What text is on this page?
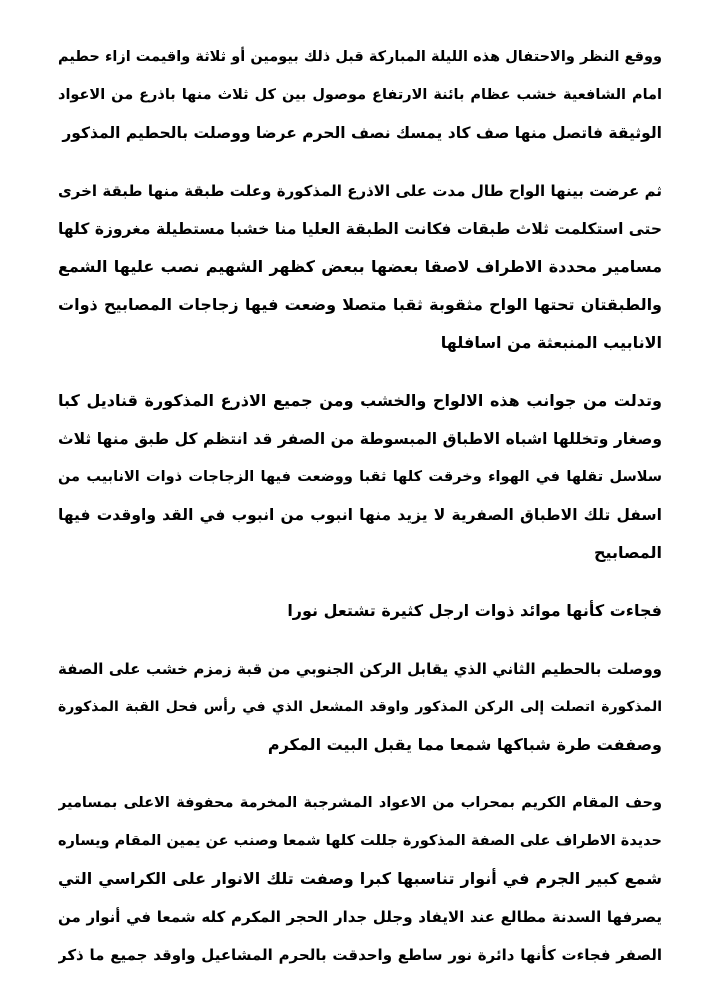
ووقع النظر والاحتفال هذه الليلة المباركة قبل ذلك بيومين أو ثلاثة واقيمت ازاء حطيم
امام الشافعية خشب عظام بائنة الارتفاع موصول بين كل ثلاث منها باذرع من الاعواد
الوثيقة فاتصل منها صف كاد يمسك نصف الحرم عرضا ووصلت بالحطيم المذكور
ثم عرضت بينها الواح طال مدت على الاذرع المذكورة وعلت طبقة منها طبقة اخرى
حتى استكلمت ثلاث طبقات فكانت الطبقة العليا منا خشبا مستطيلة مغروزة كلها
مسامير محددة الاطراف لاصقا بعضها ببعض كظهر الشهيم نصب عليها الشمع
والطبقتان تحتها الواح مثقوبة ثقبا متصلا وضعت فيها زجاجات المصابيح ذوات
الانابيب المنبعثة من اسافلها
وتدلت من جوانب هذه الالواح والخشب ومن جميع الاذرع المذكورة قناديل كبا
وصغار وتخللها اشباه الاطباق المبسوطة من الصفر قد انتظم كل طبق منها ثلاث
سلاسل تقلها في الهواء وخرقت كلها ثقبا ووضعت فيها الزجاجات ذوات الانابيب من
اسفل تلك الاطباق الصفرية لا يزيد منها انبوب من انبوب في القد واوقدت فيها
المصابيح
فجاءت كأنها موائد ذوات ارجل كثيرة تشتعل نورا
ووصلت بالحطيم الثاني الذي يقابل الركن الجنوبي من قبة زمزم خشب على الصفة
المذكورة اتصلت إلى الركن المذكور واوقد المشعل الذي في رأس فحل القبة المذكورة
وصففت طرة شباكها شمعا مما يقبل البيت المكرم
وحف المقام الكريم بمحراب من الاعواد المشرجبة المخرمة محفوفة الاعلى بمسامير
حديدة الاطراف على الصفة المذكورة جللت كلها شمعا وصنب عن يمين المقام ويساره
شمع كبير الجرم في أنوار تناسبها كبرا وصفت تلك الانوار على الكراسي التي
يصرفها السدنة مطالع عند الايفاد وجلل جدار الحجر المكرم كله شمعا في أنوار من
الصفر فجاءت كأنها دائرة نور ساطع واحدقت بالحرم المشاعيل واوقد جميع ما ذكر
